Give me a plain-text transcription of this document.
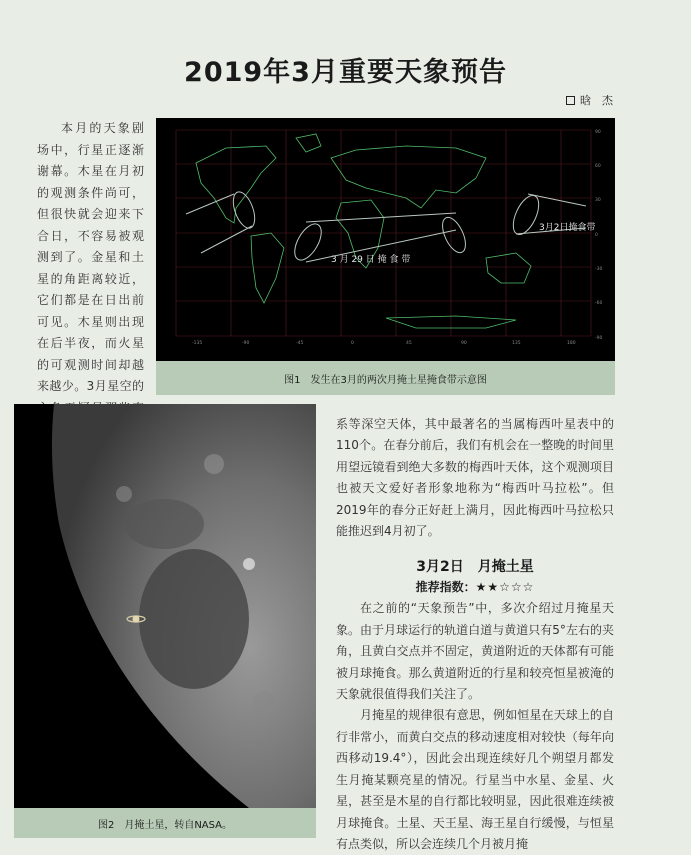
2019年3月重要天象预告
晗　杰

本月的天象剧场中，行星正逐渐谢幕。木星在月初的观测条件尚可，但很快就会迎来下合日，不容易被观测到了。金星和土星的角距离较近，它们都是在日出前可见。木星则出现在后半夜，而火星的可观测时间却越来越少。3月星空的

3 月 29 日 掩 食 带
3月2日掩食带
-135	-90	-45	0	45	90	135	180
90
60
30
0
-30
-60
-90
图1　发生在3月的两次月掩土星掩食带示意图
图2　月掩土星，转自NASA。

系等深空天体，其中最著名的当属梅西叶星表中的110个。在春分前后，我们有机会在一整晚的时间里用望远镜看到绝大多数的梅西叶天体，这个观测项目也被天文爱好者形象地称为“梅西叶马拉松”。但2019年的春分正好赶上满月，因此梅西叶马拉松只能推迟到4月初了。

3月2日　月掩土星
推荐指数：★★☆☆☆

在之前的“天象预告”中，多次介绍过月掩星天象。由于月球运行的轨道白道与黄道只有5°左右的夹角，且黄白交点并不固定，黄道附近的天体都有可能被月球掩食。那么黄道附近的行星和较亮恒星被淹的天象就很值得我们关注了。

月掩星的规律很有意思，例如恒星在天球上的自行非常小，而黄白交点的移动速度相对较快（每年向西移动19.4°），因此会出现连续好几个朔望月都发生月掩某颗亮星的情况。行星当中水星、金星、火星，甚至是木星的自行都比较明显，因此很难连续被月球掩食。土星、天王星、海王星自行缓慢，与恒星有点类似，所以会连续几个月被月掩
